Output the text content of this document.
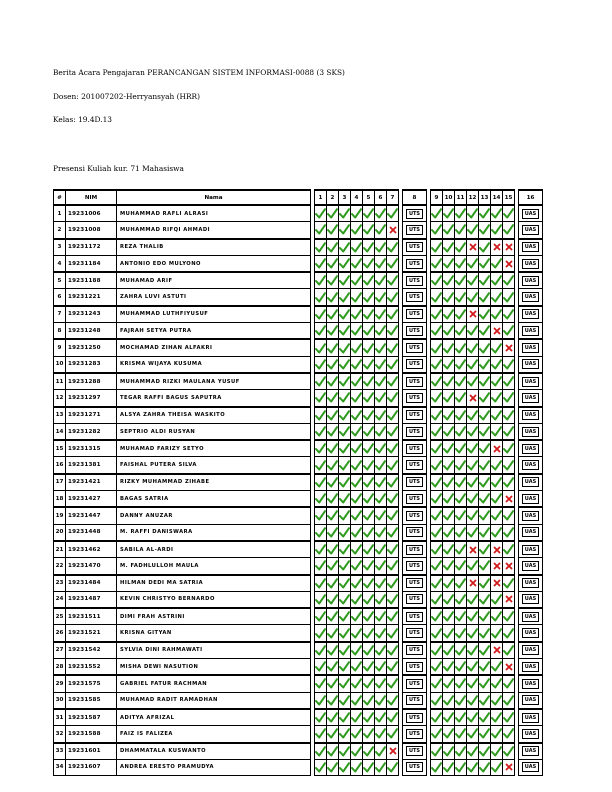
Berita Acara Pengajaran PERANCANGAN SISTEM INFORMASI-0088 (3 SKS)
Dosen: 201007202-Herryansyah (HRR)
Kelas: 19.4D.13
Presensi Kuliah kur. 71 Mahasiswa
#	NIM	Nama		1	2	3	4	5	6	7		8		9	10	11	12	13	14	15		16
1	19231006	MUHAMMAD RAFLI ALRASI										UTS										UAS
2	19231008	MUHAMMAD RIFQI AHMADI										UTS										UAS
3	19231172	REZA THALIB										UTS										UAS
4	19231184	ANTONIO EDO MULYONO										UTS										UAS
5	19231188	MUHAMAD ARIF										UTS										UAS
6	19231221	ZAHRA LUVI ASTUTI										UTS										UAS
7	19231243	MUHAMMAD LUTHFIYUSUF										UTS										UAS
8	19231248	FAJRAH SETYA PUTRA										UTS										UAS
9	19231250	MOCHAMAD ZIHAN ALFAKRI										UTS										UAS
10	19231283	KRISMA WIJAYA KUSUMA										UTS										UAS
11	19231288	MUHAMMAD RIZKI MAULANA YUSUF										UTS										UAS
12	19231297	TEGAR RAFFI BAGUS SAPUTRA										UTS										UAS
13	19231271	ALSYA ZAHRA THEISA WASKITO										UTS										UAS
14	19231282	SEPTRIO ALDI RUSYAN										UTS										UAS
15	19231315	MUHAMAD FARIZY SETYO										UTS										UAS
16	19231381	FAISHAL PUTERA SILVA										UTS										UAS
17	19231421	RIZKY MUHAMMAD ZIHABE										UTS										UAS
18	19231427	BAGAS SATRIA										UTS										UAS
19	19231447	DANNY ANUZAR										UTS										UAS
20	19231448	M. RAFFI DANISWARA										UTS										UAS
21	19231462	SABILA AL-ARDI										UTS										UAS
22	19231470	M. FADHLULLOH MAULA										UTS										UAS
23	19231484	HILMAN DEDI MA SATRIA										UTS										UAS
24	19231487	KEVIN CHRISTYO BERNARDO										UTS										UAS
25	19231511	DIMI FRAH ASTRINI										UTS										UAS
26	19231521	KRISNA GITYAN										UTS										UAS
27	19231542	SYLVIA DINI RAHMAWATI										UTS										UAS
28	19231552	MISHA DEWI NASUTION										UTS										UAS
29	19231575	GABRIEL FATUR RACHMAN										UTS										UAS
30	19231585	MUHAMAD RADIT RAMADHAN										UTS										UAS
31	19231587	ADITYA AFRIZAL										UTS										UAS
32	19231588	FAIZ IS FALIZEA										UTS										UAS
33	19231601	DHAMMATALA KUSWANTO										UTS										UAS
34	19231607	ANDREA ERESTO PRAMUDYA										UTS										UAS
